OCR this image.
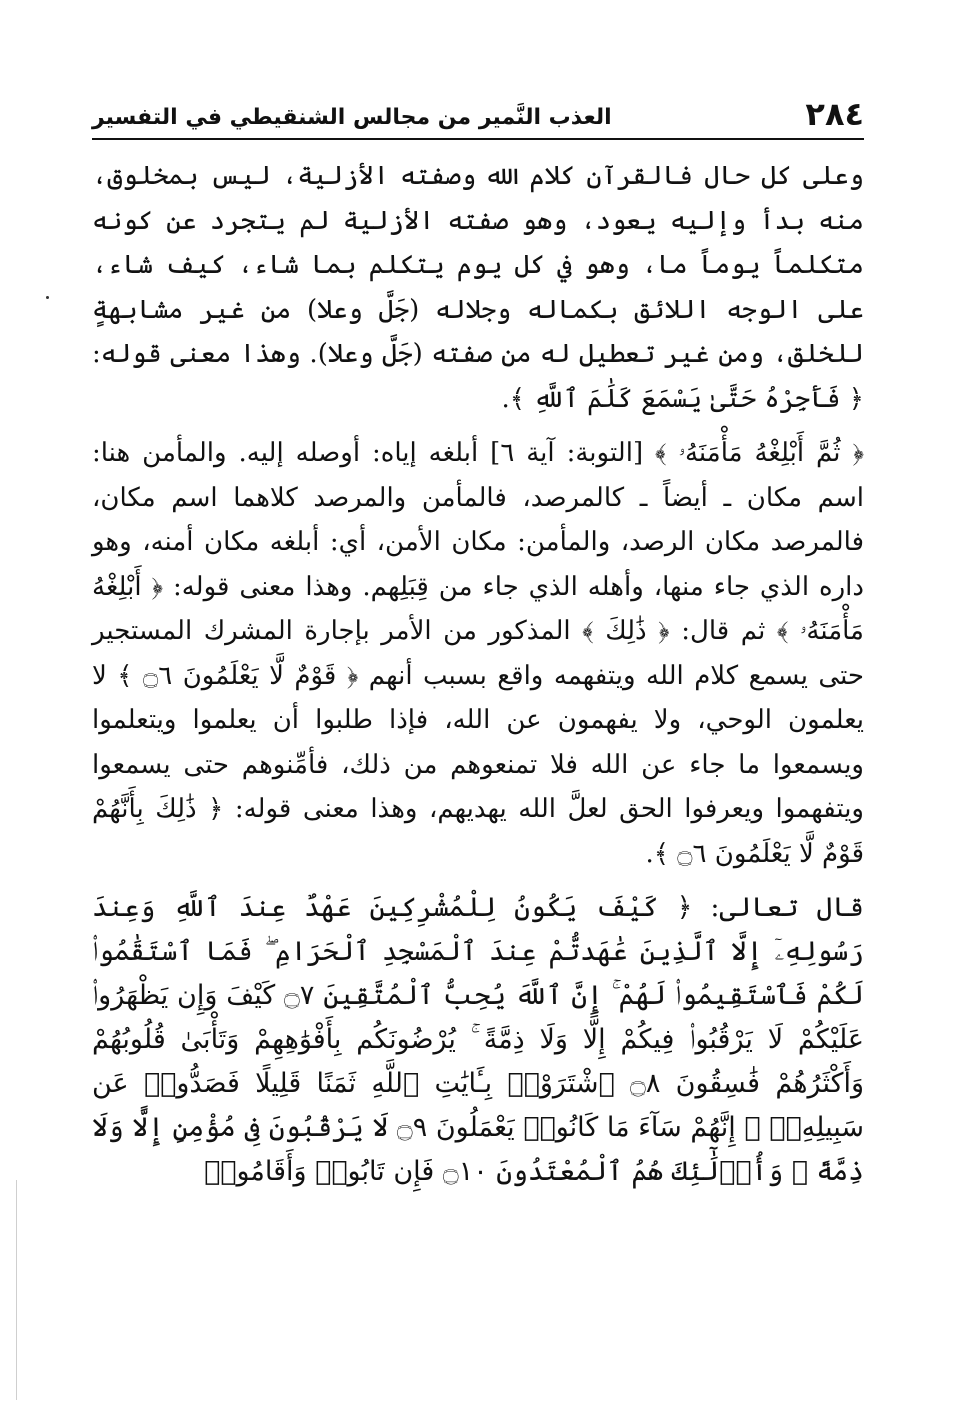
٢٨٤
العذب النَّمير من مجالس الشنقيطي في التفسير

وعلى كل حال فالقرآن كلام الله وصفته الأزلية، ليس بمخلوق، منه بدأ وإليه يعود، وهو صفته الأزلية لم يتجرد عن كونه متكلماً يوماً ما، وهو في كل يوم يتكلم بما شاء، كيف شاء، على الوجه اللائق بكماله وجلاله (جَلَّ وعلا) من غير مشابهةٍ للخلق، ومن غير تعطيل له من صفته (جَلَّ وعلا). وهذا معنى قوله: ﴿ فَأَجِرْهُ حَتَّىٰ يَسْمَعَ كَلَٰمَ ٱللَّهِ ﴾.

﴿ ثُمَّ أَبْلِغْهُ مَأْمَنَهُۥ ﴾ [التوبة: آية ٦] أبلغه إياه: أوصله إليه. والمأمن هنا: اسم مكان ـ أيضاً ـ كالمرصد، فالمأمن والمرصد كلاهما اسم مكان، فالمرصد مكان الرصد، والمأمن: مكان الأمن، أي: أبلغه مكان أمنه، وهو داره الذي جاء منها، وأهله الذي جاء من قِبَلِهم. وهذا معنى قوله: ﴿ أَبْلِغْهُ مَأْمَنَهُۥ ﴾ ثم قال: ﴿ ذَٰلِكَ ﴾ المذكور من الأمر بإجارة المشرك المستجير حتى يسمع كلام الله ويتفهمه واقع بسبب أنهم ﴿ قَوْمٌ لَّا يَعْلَمُونَ ۝٦ ﴾ لا يعلمون الوحي، ولا يفهمون عن الله، فإذا طلبوا أن يعلموا ويتعلموا ويسمعوا ما جاء عن الله فلا تمنعوهم من ذلك، فأمِّنوهم حتى يسمعوا ويتفهموا ويعرفوا الحق لعلَّ الله يهديهم، وهذا معنى قوله: ﴿ ذَٰلِكَ بِأَنَّهُمْ قَوْمٌ لَّا يَعْلَمُونَ ۝٦ ﴾.

قال تعالى: ﴿ كَيْفَ يَكُونُ لِلْمُشْرِكِينَ عَهْدٌ عِندَ ٱللَّهِ وَعِندَ رَسُولِهِۦٓ إِلَّا ٱلَّذِينَ عَٰهَدتُّمْ عِندَ ٱلْمَسْجِدِ ٱلْحَرَامِ ۖ فَمَا ٱسْتَقَٰمُوا۟ لَكُمْ فَٱسْتَقِيمُوا۟ لَهُمْ ۚ إِنَّ ٱللَّهَ يُحِبُّ ٱلْمُتَّقِينَ ۝٧ كَيْفَ وَإِن يَظْهَرُوا۟ عَلَيْكُمْ لَا يَرْقُبُوا۟ فِيكُمْ إِلًّا وَلَا ذِمَّةً ۚ يُرْضُونَكُم بِأَفْوَٰهِهِمْ وَتَأْبَىٰ قُلُوبُهُمْ وَأَكْثَرُهُمْ فَٰسِقُونَ ۝٨ ٱشْتَرَوْا۟ بِـَٔايَٰتِ ٱللَّهِ ثَمَنًا قَلِيلًا فَصَدُّوا۟ عَن سَبِيلِهِۦٓ ۚ إِنَّهُمْ سَآءَ مَا كَانُوا۟ يَعْمَلُونَ ۝٩ لَا يَرْقُبُونَ فِى مُؤْمِنٍ إِلًّا وَلَا ذِمَّةً ۚ وَأُو۟لَٰٓئِكَ هُمُ ٱلْمُعْتَدُونَ ۝١٠ فَإِن تَابُوا۟ وَأَقَامُوا۟
